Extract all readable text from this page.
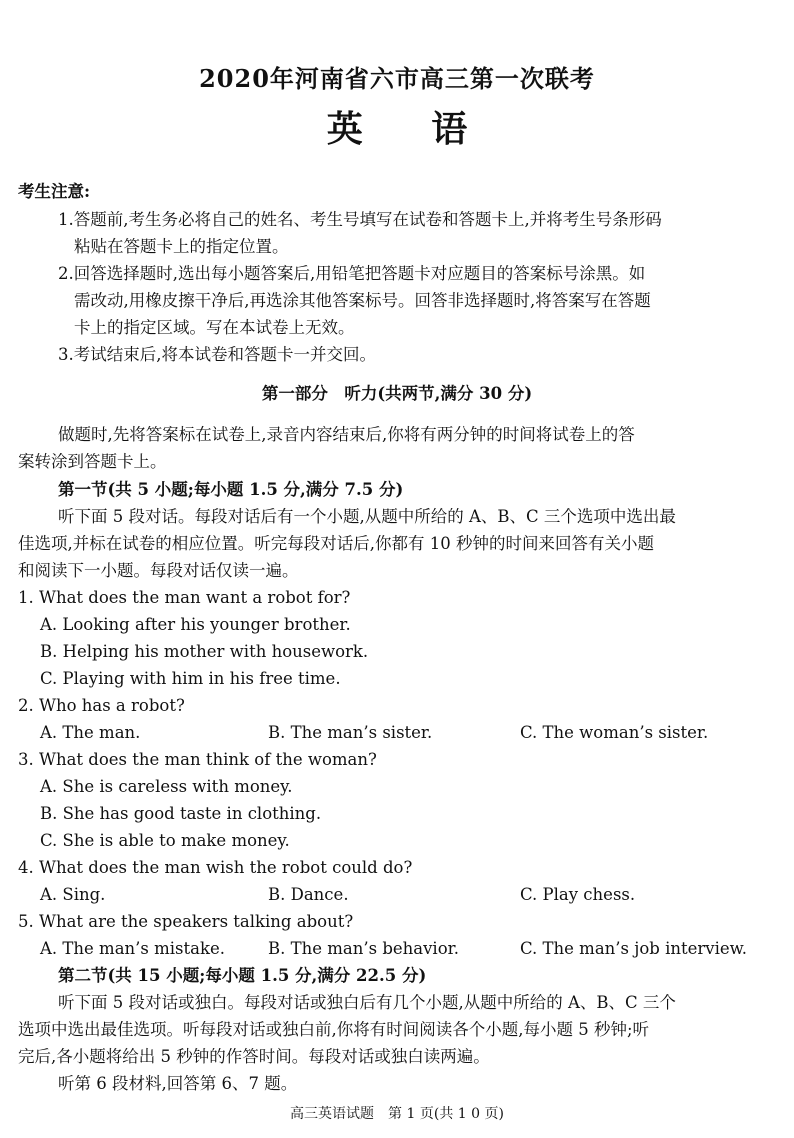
2020年河南省六市高三第一次联考
英 语
考生注意:
1.答题前,考生务必将自己的姓名、考生号填写在试卷和答题卡上,并将考生号条形码
粘贴在答题卡上的指定位置。
2.回答选择题时,选出每小题答案后,用铅笔把答题卡对应题目的答案标号涂黑。如
需改动,用橡皮擦干净后,再选涂其他答案标号。回答非选择题时,将答案写在答题
卡上的指定区域。写在本试卷上无效。
3.考试结束后,将本试卷和答题卡一并交回。
第一部分　听力(共两节,满分 30 分)
做题时,先将答案标在试卷上,录音内容结束后,你将有两分钟的时间将试卷上的答
案转涂到答题卡上。
第一节(共 5 小题;每小题 1.5 分,满分 7.5 分)
听下面 5 段对话。每段对话后有一个小题,从题中所给的 A、B、C 三个选项中选出最
佳选项,并标在试卷的相应位置。听完每段对话后,你都有 10 秒钟的时间来回答有关小题
和阅读下一小题。每段对话仅读一遍。
1. What does the man want a robot for?
A. Looking after his younger brother.
B. Helping his mother with housework.
C. Playing with him in his free time.
2. Who has a robot?
A. The man.	B. The man’s sister.	C. The woman’s sister.
3. What does the man think of the woman?
A. She is careless with money.
B. She has good taste in clothing.
C. She is able to make money.
4. What does the man wish the robot could do?
A. Sing.	B. Dance.	C. Play chess.
5. What are the speakers talking about?
A. The man’s mistake.	B. The man’s behavior.	C. The man’s job interview.
第二节(共 15 小题;每小题 1.5 分,满分 22.5 分)
听下面 5 段对话或独白。每段对话或独白后有几个小题,从题中所给的 A、B、C 三个
选项中选出最佳选项。听每段对话或独白前,你将有时间阅读各个小题,每小题 5 秒钟;听
完后,各小题将给出 5 秒钟的作答时间。每段对话或独白读两遍。
听第 6 段材料,回答第 6、7 题。
高三英语试题　第 1 页(共 1 0 页)
